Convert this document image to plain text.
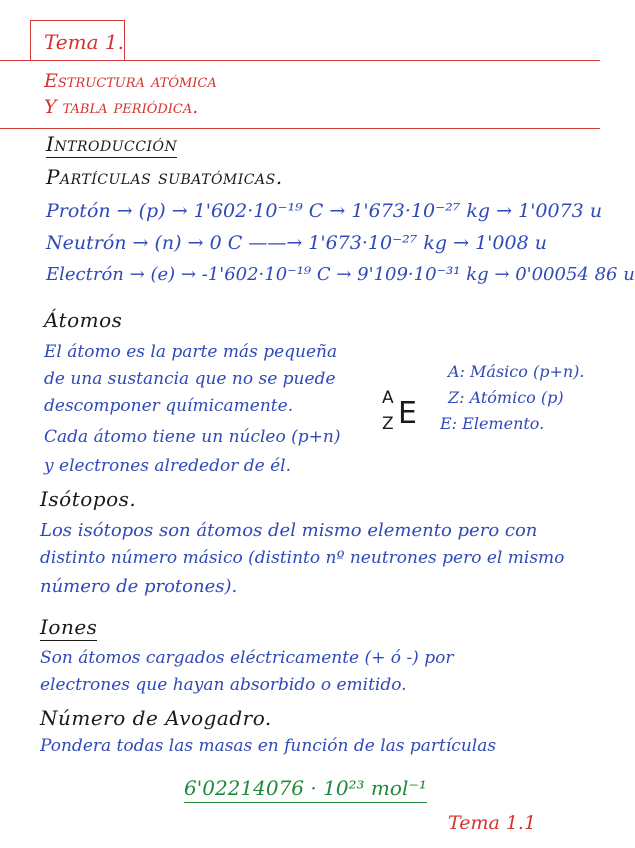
Tema 1.
Estructura atómica
Y tabla periódica.
Introducción
Partículas subatómicas.
Protón → (p) → 1'602·10⁻¹⁹ C → 1'673·10⁻²⁷ kg → 1'0073 u
Neutrón → (n) → 0 C ——→ 1'673·10⁻²⁷ kg → 1'008 u
Electrón → (e) → -1'602·10⁻¹⁹ C → 9'109·10⁻³¹ kg → 0'00054 86 u
Átomos
El átomo es la parte más pequeña
de una sustancia que no se puede
descomponer químicamente.
Cada átomo tiene un núcleo (p+n)
y electrones alrededor de él.
A
Z E
A: Másico (p+n).
Z: Atómico (p)
E: Elemento.
Isótopos.
Los isótopos son átomos del mismo elemento pero con
distinto número másico (distinto nº neutrones pero el mismo
número de protones).
Iones
Son átomos cargados eléctricamente (+ ó -) por
electrones que hayan absorbido o emitido.
Número de Avogadro.
Pondera todas las masas en función de las partículas
6'02214076 · 10²³ mol⁻¹
Tema 1.1
